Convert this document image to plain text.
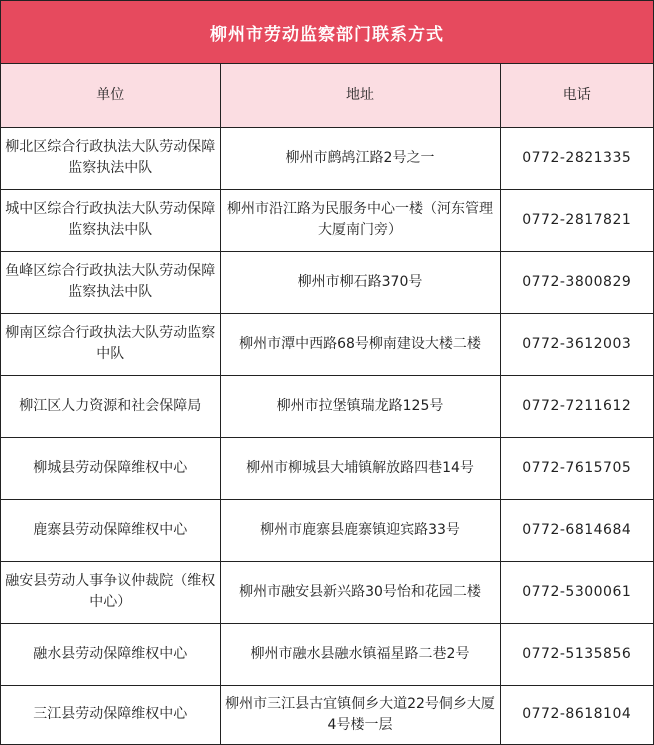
柳州市劳动监察部门联系方式
单位	地址	电话
柳北区综合行政执法大队劳动保障监察执法中队	柳州市鹧鸪江路2号之一	0772-2821335
城中区综合行政执法大队劳动保障监察执法中队	柳州市沿江路为民服务中心一楼（河东管理大厦南门旁）	0772-2817821
鱼峰区综合行政执法大队劳动保障监察执法中队	柳州市柳石路370号	0772-3800829
柳南区综合行政执法大队劳动监察中队	柳州市潭中西路68号柳南建设大楼二楼	0772-3612003
柳江区人力资源和社会保障局	柳州市拉堡镇瑞龙路125号	0772-7211612
柳城县劳动保障维权中心	柳州市柳城县大埔镇解放路四巷14号	0772-7615705
鹿寨县劳动保障维权中心	柳州市鹿寨县鹿寨镇迎宾路33号	0772-6814684
融安县劳动人事争议仲裁院（维权中心）	柳州市融安县新兴路30号怡和花园二楼	0772-5300061
融水县劳动保障维权中心	柳州市融水县融水镇福星路二巷2号	0772-5135856
三江县劳动保障维权中心	柳州市三江县古宜镇侗乡大道22号侗乡大厦4号楼一层	0772-8618104
